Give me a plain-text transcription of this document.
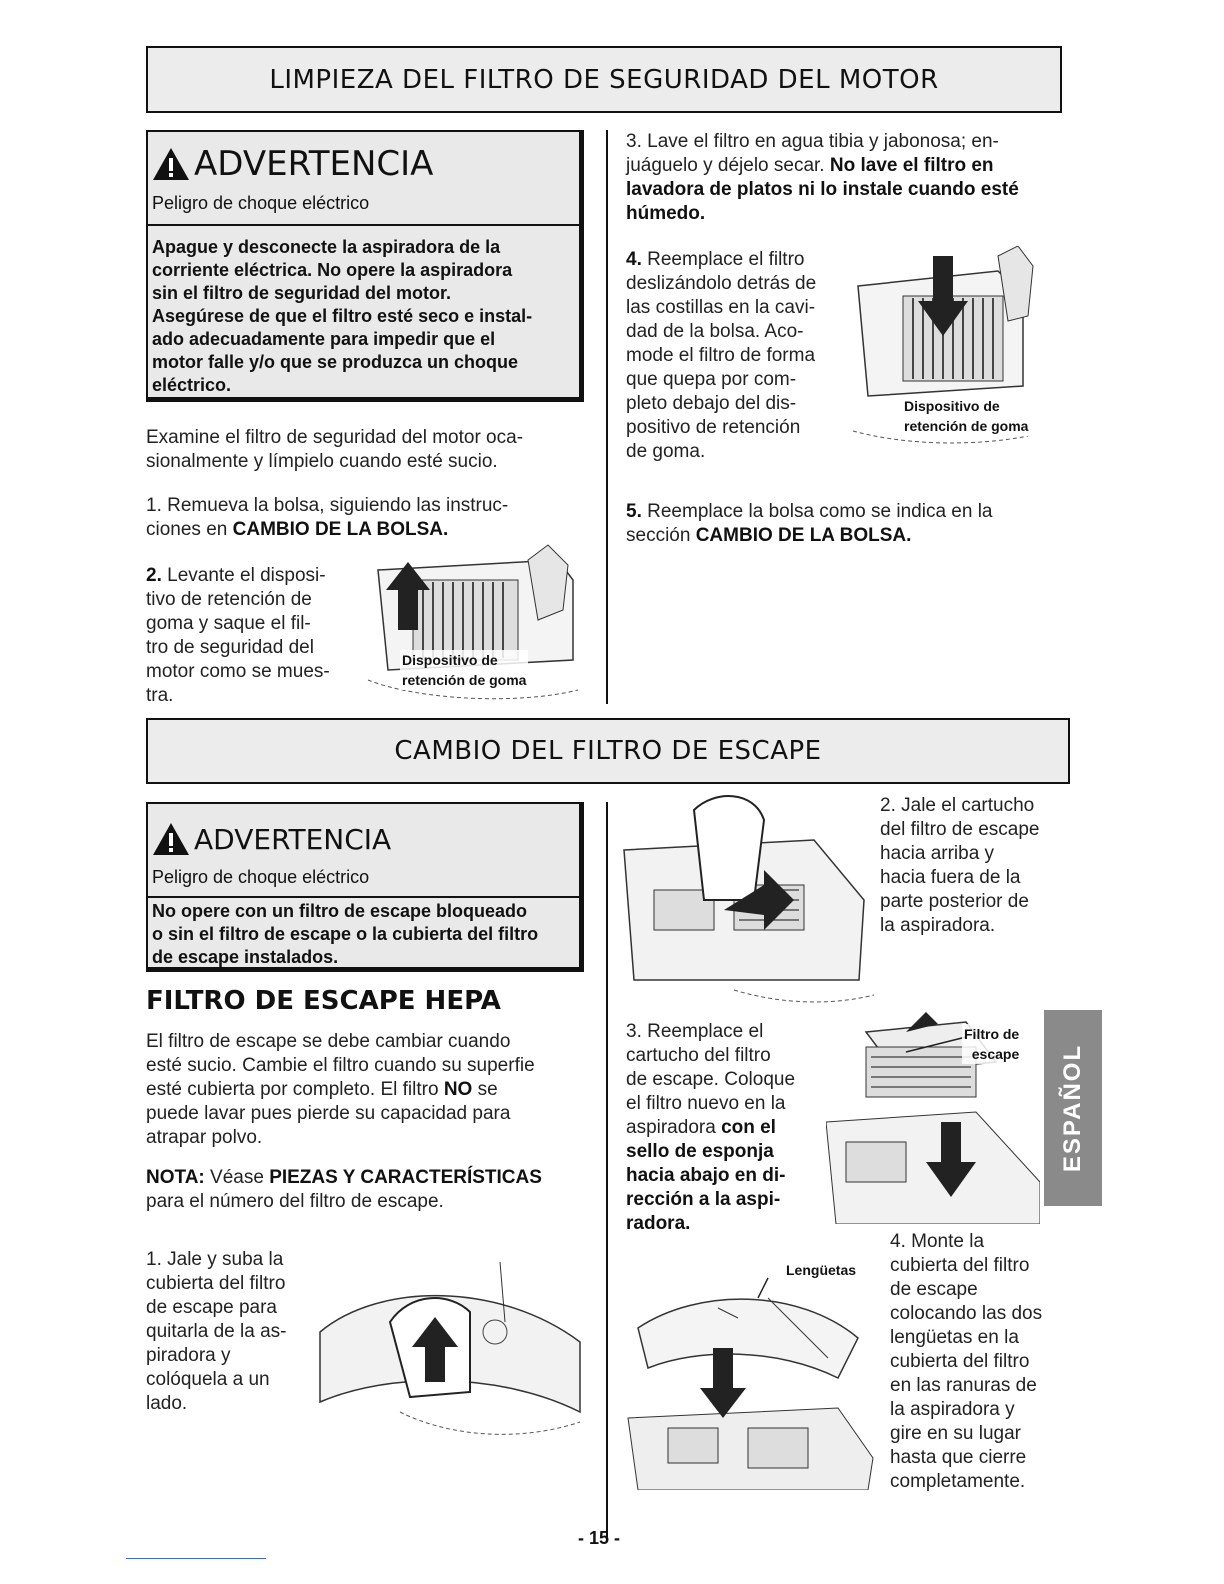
LIMPIEZA DEL FILTRO DE SEGURIDAD DEL MOTOR
ADVERTENCIA
Peligro de choque eléctrico
Apague y desconecte la aspiradora de la
corriente eléctrica. No opere la aspiradora
sin el filtro de seguridad del motor.
Asegúrese de que el filtro esté seco e instal-
ado adecuadamente para impedir que el
motor falle y/o que se produzca un choque
eléctrico.
Examine el filtro de seguridad del motor oca-
sionalmente y límpielo cuando esté sucio.
1. Remueva la bolsa, siguiendo las instruc-
ciones en CAMBIO DE LA BOLSA.
2. Levante el disposi-
tivo de retención de
goma y saque el fil-
tro de seguridad del
motor como se mues-
tra.
Dispositivo de
retención de goma
3. Lave el filtro en agua tibia y jabonosa; en-
juáguelo y déjelo secar. No lave el filtro en
lavadora de platos ni lo instale cuando esté
húmedo.
4. Reemplace el filtro
deslizándolo detrás de
las costillas en la cavi-
dad de la bolsa. Aco-
mode el filtro de forma
que quepa por com-
pleto debajo del dis-
positivo de retención
de goma.
Dispositivo de
retención de goma
5. Reemplace la bolsa como se indica en la
sección CAMBIO DE LA BOLSA.
CAMBIO DEL FILTRO DE ESCAPE
ADVERTENCIA
Peligro de choque eléctrico
No opere con un filtro de escape bloqueado
o sin el filtro de escape o la cubierta del filtro
de escape instalados.
FILTRO DE ESCAPE HEPA
El filtro de escape se debe cambiar cuando
esté sucio. Cambie el filtro cuando su superfie
esté cubierta por completo. El filtro NO se
puede lavar pues pierde su capacidad para
atrapar polvo.
NOTA: Véase PIEZAS Y CARACTERÍSTICAS
para el número del filtro de escape.
1. Jale y suba la
cubierta del filtro
de escape para
quitarla de la as-
piradora y
colóquela a un
lado.
2. Jale el cartucho
del filtro de escape
hacia arriba y
hacia fuera de la
parte posterior de
la aspiradora.
3. Reemplace el
cartucho del filtro
de escape. Coloque
el filtro nuevo en la
aspiradora con el
sello de esponja
hacia abajo en di-
rección a la aspi-
radora.
Filtro de
escape ESPAÑOL
Lengüetas
4. Monte la
cubierta del filtro
de escape
colocando las dos
lengüetas en la
cubierta del filtro
en las ranuras de
la aspiradora y
gire en su lugar
hasta que cierre
completamente.
- 15 -
